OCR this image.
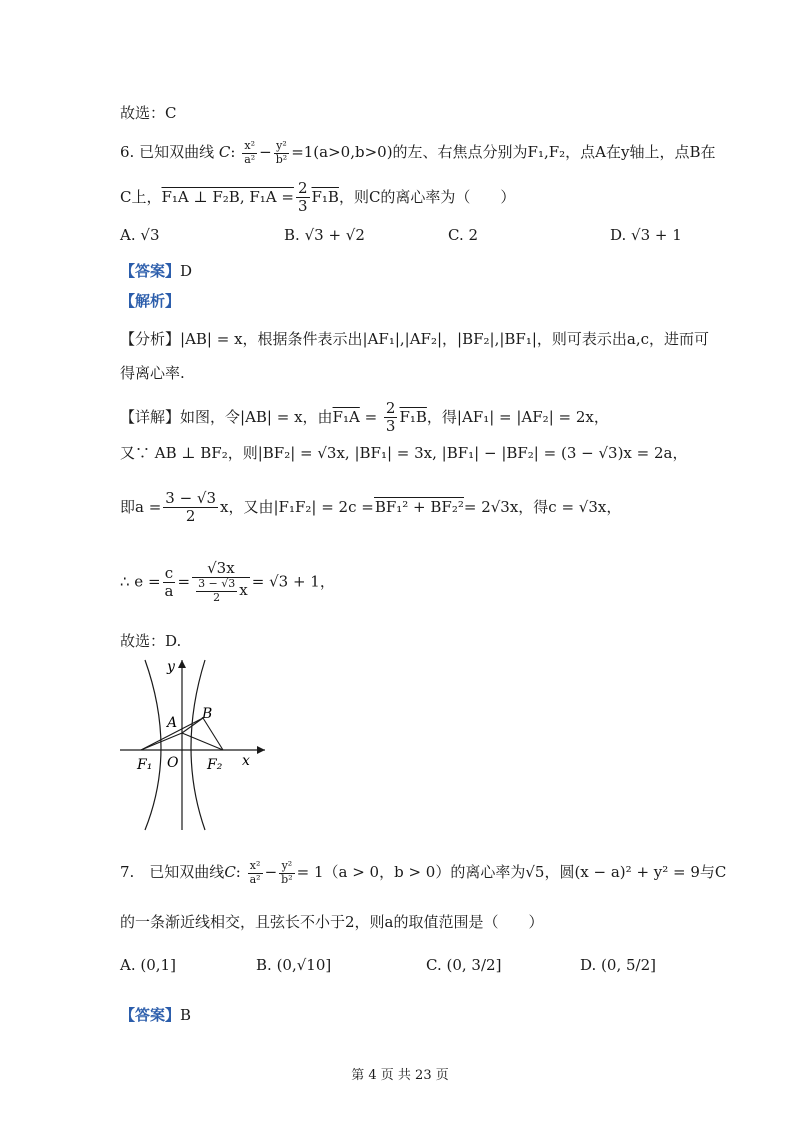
故选：C
6. 已知双曲线 C: $\frac{\text{x²}}{\text{a²}} - \frac{\text{y²}}{\text{b²}} =1(a>0,b>0)$的左、右焦点分别为F₁,F₂，点A在y轴上，点B在
C上，F₁A ⊥ F₂B, $F_1A = \frac{2}{3} F_1B$，则C的离心率为（　　）
A. √3	B. √3 + √2	C. 2	D. √3 + 1
【答案】D
【解析】
【分析】|AB| = x，根据条件表示出|AF₁|,|AF₂|，|BF₂|,|BF₁|，则可表示出a,c，进而可
得离心率.
【详解】如图，令|AB| = x，由$F_1A = \frac{2}{3} F_1B$，得|AF₁| = |AF₂| = 2x，
又∵ AB ⊥ BF₂，则|BF₂| = √3x, |BF₁| = 3x, |BF₁| − |BF₂| = (3 − √3)x = 2a，
即$a = \frac{3 - √3}{2}$ x，又由|F₁F₂| = 2c =BF₁² + BF₂²= 2√3x，得c = √3x，
∴ $e = \frac{c}{a} = \frac{√3x}{\frac{3 - √3}{2} x} = √3 + 1$，
故选：D.
y
x
A
B
O
F₁	F₂
7.　已知双曲线C: $\frac{\text{x²}}{\text{a²}} - \frac{\text{y²}}{\text{b²}} = 1(a > 0$，b > 0）的离心率为√5，圆(x − a)² + y² = 9与C
的一条渐近线相交，且弦长不小于2，则a的取值范围是（　　）
A. (0,1]	B. (0,√10]	C. (0, 3/2]	D. (0, 5/2]
【答案】B
第 4 页 共 23 页
